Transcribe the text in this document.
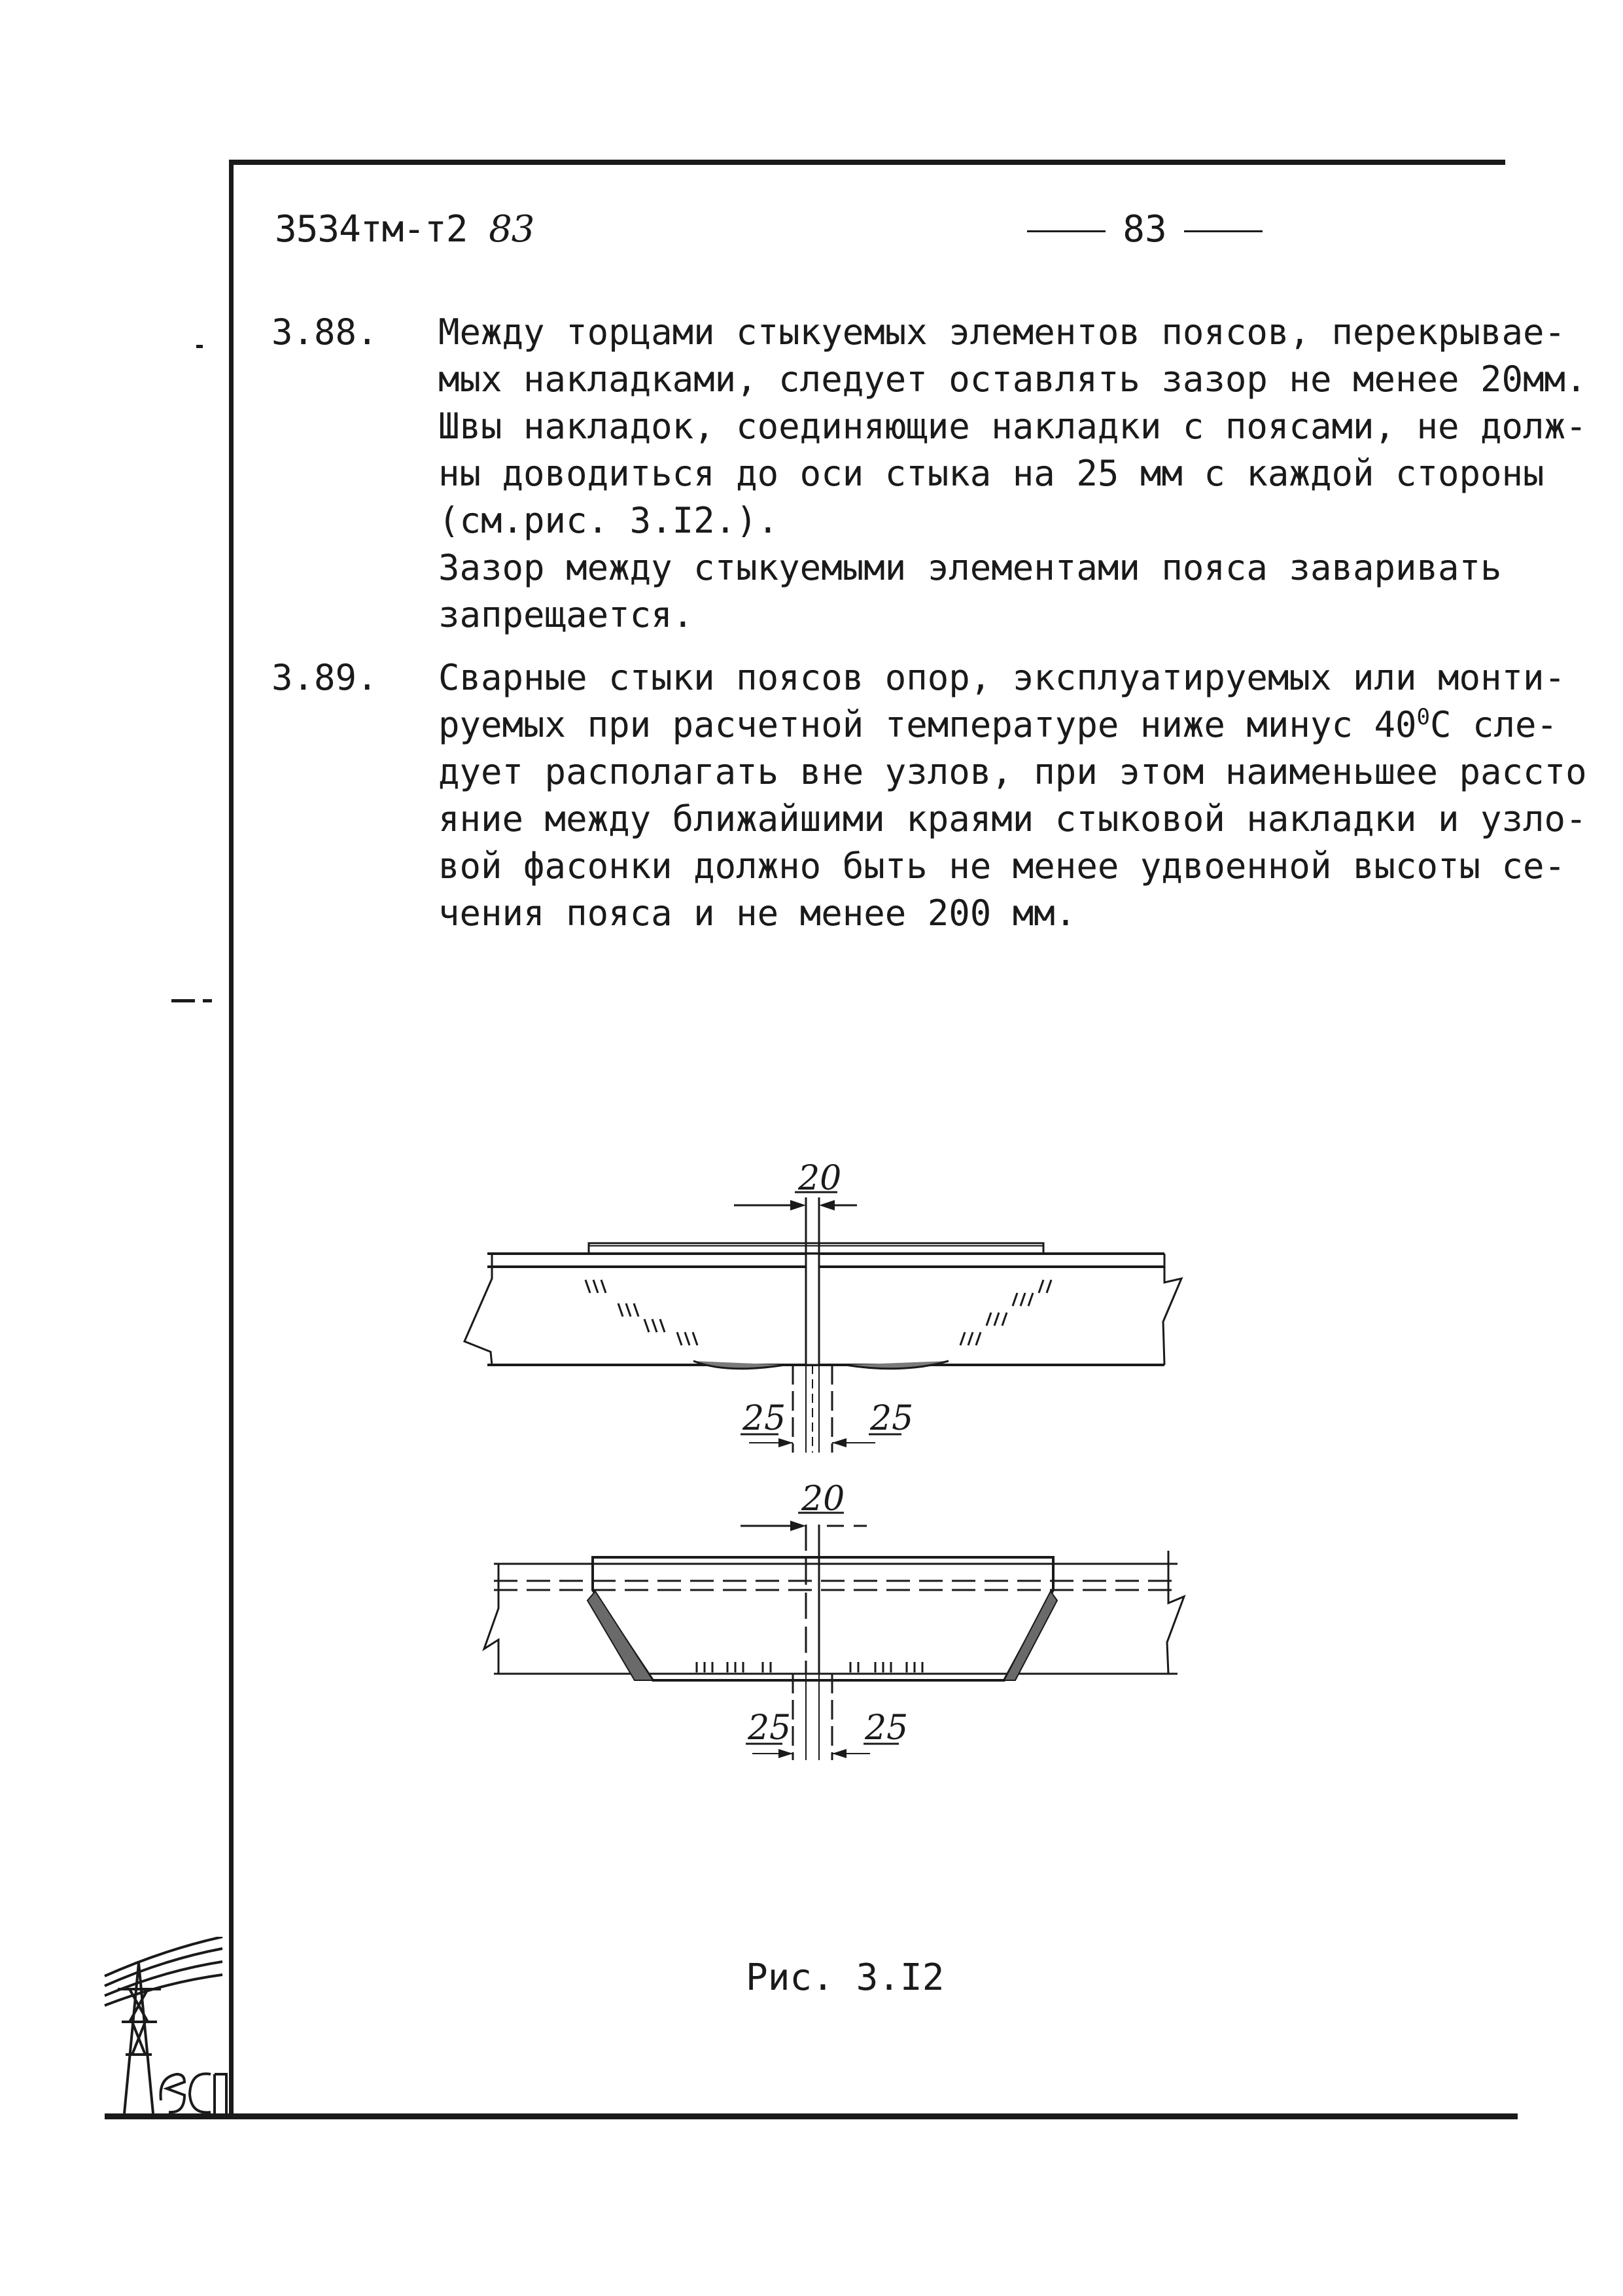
3534тм-т2 83	83
3.88.	Между торцами стыкуемых элементов поясов, перекрывае-
мых накладками, следует оставлять зазор не менее 20мм.
Швы накладок, соединяющие накладки с поясами, не долж-
ны доводиться до оси стыка на 25 мм с каждой стороны
(см.рис. 3.I2.).
Зазор между стыкуемыми элементами пояса заваривать
запрещается.
3.89.	Сварные стыки поясов опор, эксплуатируемых или монти-
руемых при расчетной температуре ниже минус $40^0С$ сле-
дует располагать вне узлов, при этом наименьшее рассто
яние между ближайшими краями стыковой накладки и узло-
вой фасонки должно быть не менее удвоенной высоты се-
чения пояса и не менее 200 мм.
20
25 25
20
25 25
Рис. 3.I2
